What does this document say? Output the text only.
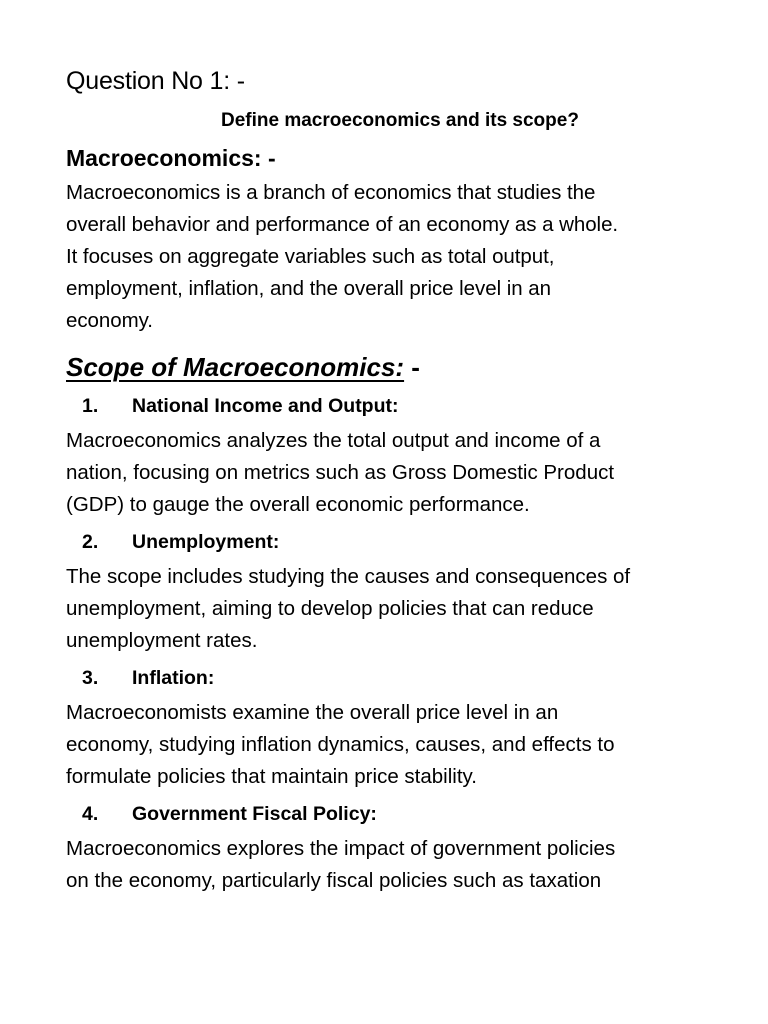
Question No 1: -
Define macroeconomics and its scope?
Macroeconomics: -
Macroeconomics is a branch of economics that studies the
overall behavior and performance of an economy as a whole.
It focuses on aggregate variables such as total output,
employment, inflation, and the overall price level in an
economy.
Scope of Macroeconomics: -
1.	National Income and Output:
Macroeconomics analyzes the total output and income of a
nation, focusing on metrics such as Gross Domestic Product
(GDP) to gauge the overall economic performance.
2.	Unemployment:
The scope includes studying the causes and consequences of
unemployment, aiming to develop policies that can reduce
unemployment rates.
3.	Inflation:
Macroeconomists examine the overall price level in an
economy, studying inflation dynamics, causes, and effects to
formulate policies that maintain price stability.
4.	Government Fiscal Policy:
Macroeconomics explores the impact of government policies
on the economy, particularly fiscal policies such as taxation
